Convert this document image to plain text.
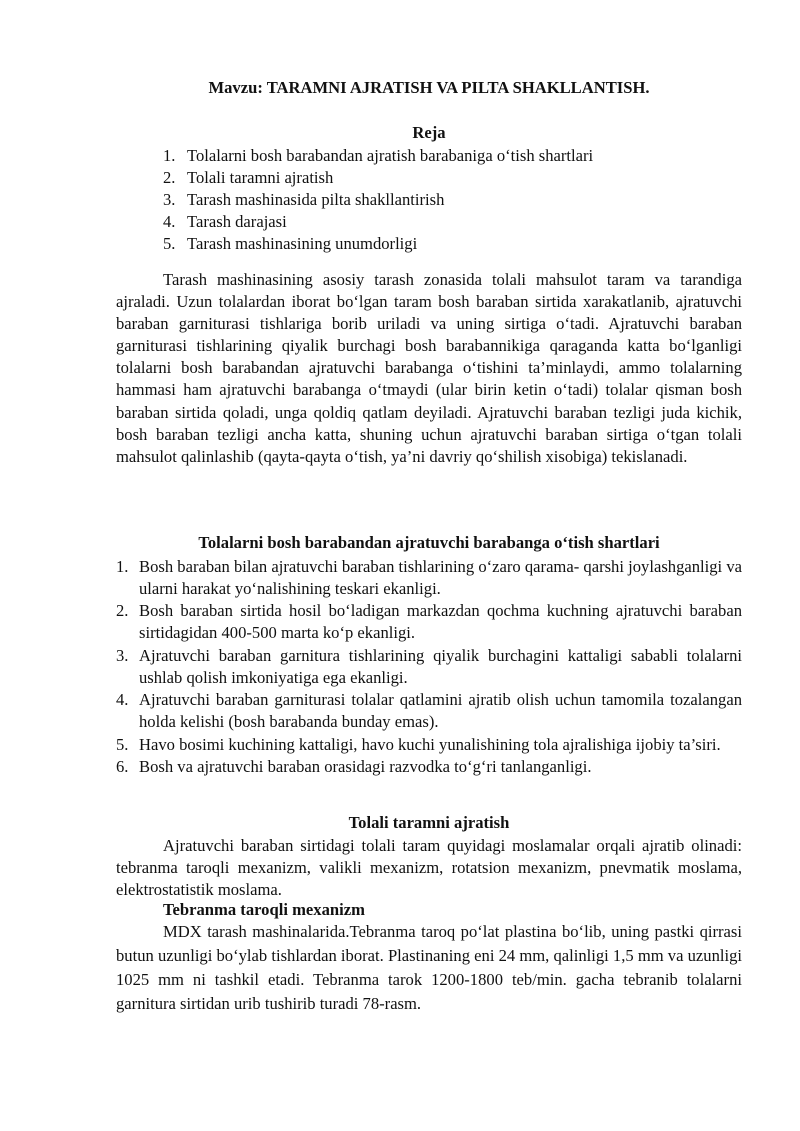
Mavzu: TARAMNI AJRATISH VA PILTA SHAKLLANTISH.
Reja
1. Tolalarni bosh barabandan ajratish barabaniga o‘tish shartlari
2. Tolali taramni ajratish
3. Tarash mashinasida pilta shakllantirish
4. Tarash darajasi
5. Tarash mashinasining unumdorligi

Tarash mashinasining asosiy tarash zonasida tolali mahsulot taram va tarandiga ajraladi. Uzun tolalardan iborat bo‘lgan taram bosh baraban sirtida xarakatlanib, ajratuvchi baraban garniturasi tishlariga borib uriladi va uning sirtiga o‘tadi. Ajratuvchi baraban garniturasi tishlarining qiyalik burchagi bosh barabannikiga qaraganda katta bo‘lganligi tolalarni bosh barabandan ajratuvchi barabanga o‘tishini ta’minlaydi, ammo tolalarning hammasi ham ajratuvchi barabanga o‘tmaydi (ular birin ketin o‘tadi) tolalar qisman bosh baraban sirtida qoladi, unga qoldiq qatlam deyiladi. Ajratuvchi baraban tezligi juda kichik, bosh baraban tezligi ancha katta, shuning uchun ajratuvchi baraban sirtiga o‘tgan tolali mahsulot qalinlashib (qayta-qayta o‘tish, ya’ni davriy qo‘shilish xisobiga) tekislanadi.

Tolalarni bosh barabandan ajratuvchi barabanga o‘tish shartlari
1. Bosh baraban bilan ajratuvchi baraban tishlarining o‘zaro qarama- qarshi joylashganligi va ularni harakat yo‘nalishining teskari ekanligi.
2. Bosh baraban sirtida hosil bo‘ladigan markazdan qochma kuchning ajratuvchi baraban sirtidagidan 400-500 marta ko‘p ekanligi.
3. Ajratuvchi baraban garnitura tishlarining qiyalik burchagini kattaligi sababli tolalarni ushlab qolish imkoniyatiga ega ekanligi.
4. Ajratuvchi baraban garniturasi tolalar qatlamini ajratib olish uchun tamomila tozalangan holda kelishi (bosh barabanda bunday emas).
5. Havo bosimi kuchining kattaligi, havo kuchi yunalishining tola ajralishiga ijobiy ta’siri.
6. Bosh va ajratuvchi baraban orasidagi razvodka to‘g‘ri tanlanganligi.
Tolali taramni ajratish

Ajratuvchi baraban sirtidagi tolali taram quyidagi moslamalar orqali ajratib olinadi: tebranma taroqli mexanizm, valikli mexanizm, rotatsion mexanizm, pnevmatik moslama, elektrostatistik moslama.

Tebranma taroqli mexanizm

MDX tarash mashinalarida.Tebranma taroq po‘lat plastina bo‘lib, uning pastki qirrasi butun uzunligi bo‘ylab tishlardan iborat. Plastinaning eni 24 mm, qalinligi 1,5 mm va uzunligi 1025 mm ni tashkil etadi. Tebranma tarok 1200-1800 teb/min. gacha tebranib tolalarni garnitura sirtidan urib tushirib turadi 78-rasm.
